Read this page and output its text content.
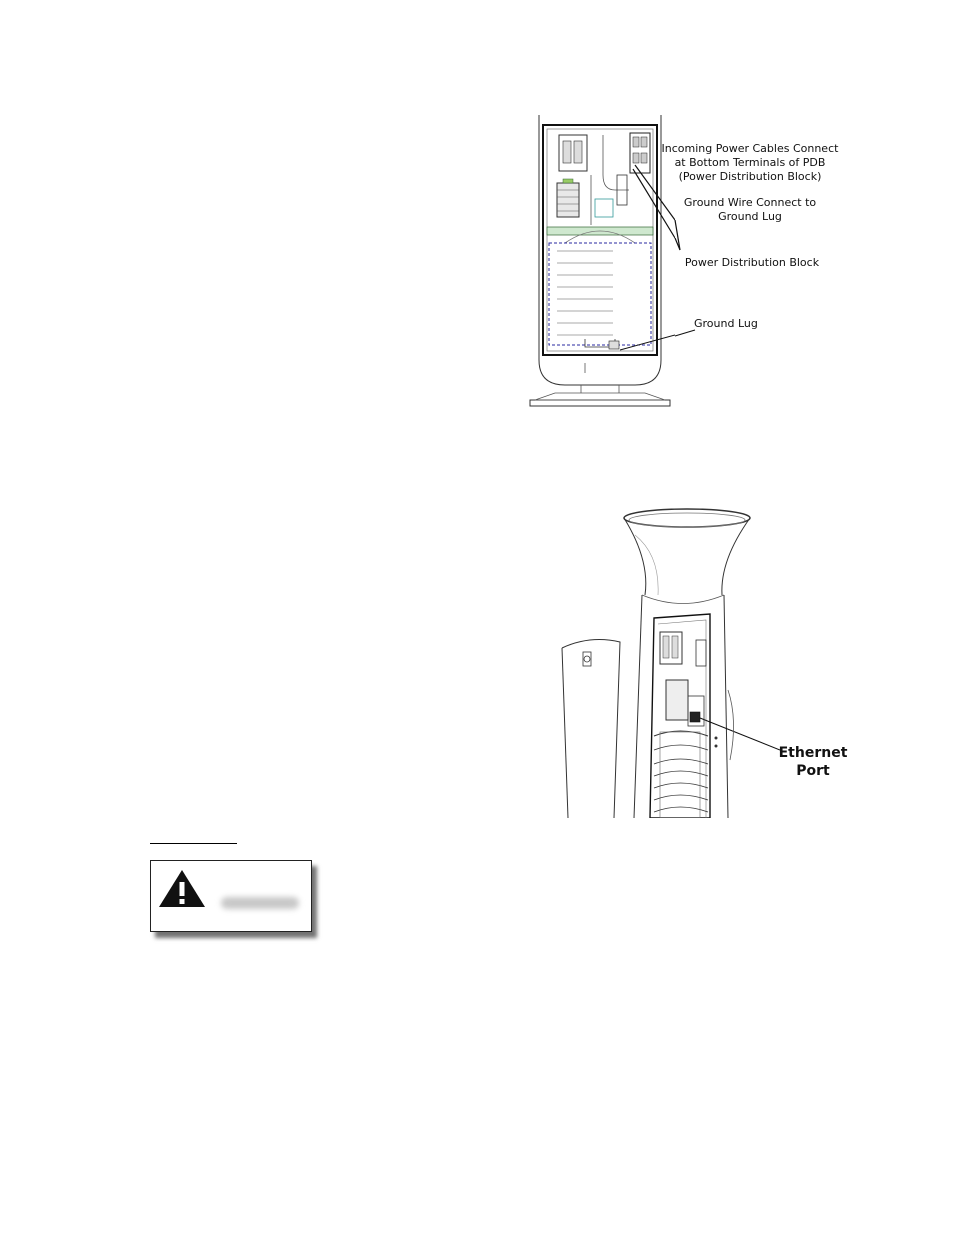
Incoming Power Cables Connect
at Bottom Terminals of PDB
(Power Distribution Block)
Ground Wire Connect to
Ground Lug
Power Distribution Block
Ground Lug
Ethernet
Port
